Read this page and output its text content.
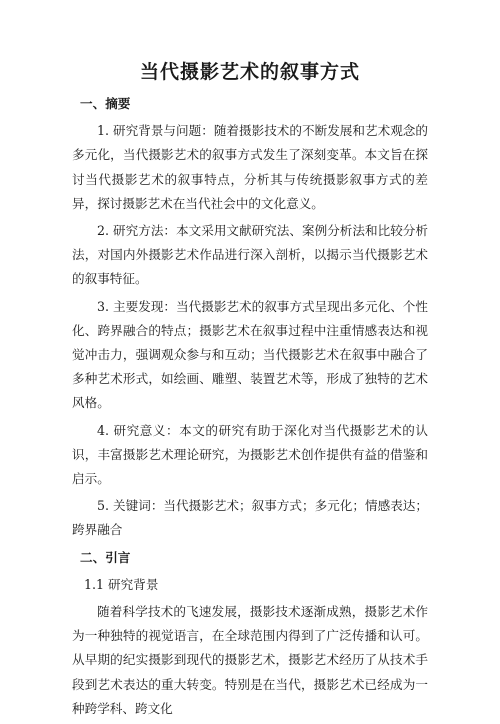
当代摄影艺术的叙事方式
一、摘要

1. 研究背景与问题：随着摄影技术的不断发展和艺术观念的多元化，当代摄影艺术的叙事方式发生了深刻变革。本文旨在探讨当代摄影艺术的叙事特点，分析其与传统摄影叙事方式的差异，探讨摄影艺术在当代社会中的文化意义。

2. 研究方法：本文采用文献研究法、案例分析法和比较分析法，对国内外摄影艺术作品进行深入剖析，以揭示当代摄影艺术的叙事特征。

3. 主要发现：当代摄影艺术的叙事方式呈现出多元化、个性化、跨界融合的特点；摄影艺术在叙事过程中注重情感表达和视觉冲击力，强调观众参与和互动；当代摄影艺术在叙事中融合了多种艺术形式，如绘画、雕塑、装置艺术等，形成了独特的艺术风格。

4. 研究意义：本文的研究有助于深化对当代摄影艺术的认识，丰富摄影艺术理论研究，为摄影艺术创作提供有益的借鉴和启示。

5. 关键词：当代摄影艺术；叙事方式；多元化；情感表达；跨界融合

二、引言

1.1 研究背景

随着科学技术的飞速发展，摄影技术逐渐成熟，摄影艺术作为一种独特的视觉语言，在全球范围内得到了广泛传播和认可。从早期的纪实摄影到现代的摄影艺术，摄影艺术经历了从技术手段到艺术表达的重大转变。特别是在当代，摄影艺术已经成为一种跨学科、跨文化
